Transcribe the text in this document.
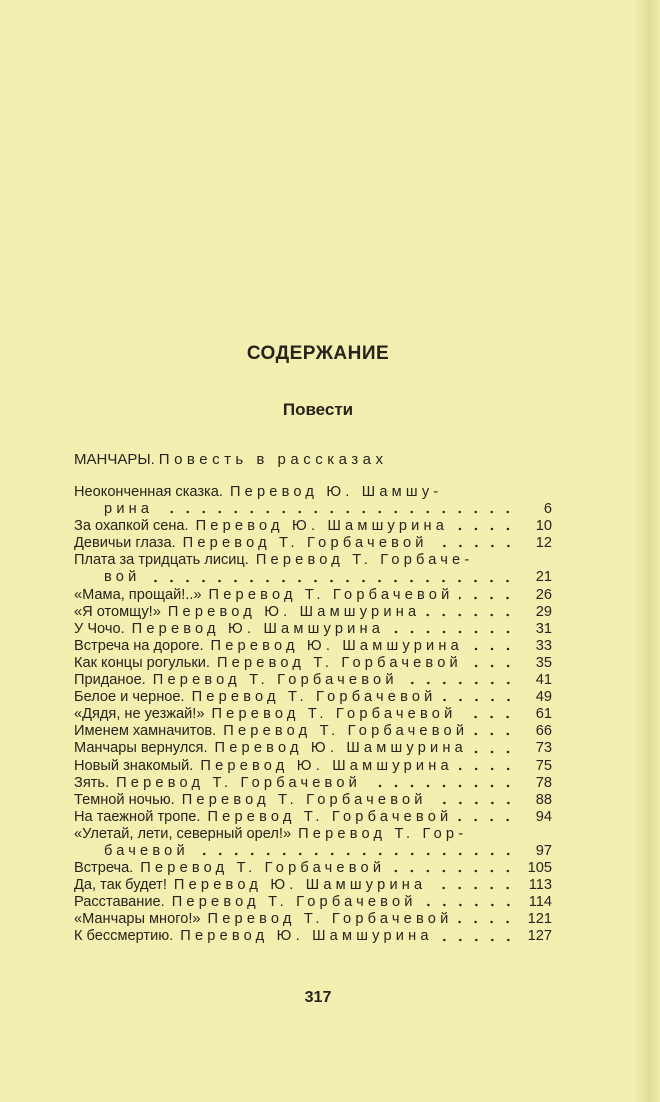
СОДЕРЖАНИЕ
Повести
МАНЧАРЫ. Повесть в рассказах
Неоконченная сказка. Перевод Ю. Шамшу-
рина	6
За охапкой сена. Перевод Ю. Шамшурина	10
Девичьи глаза. Перевод Т. Горбачевой	12
Плата за тридцать лисиц. Перевод Т. Горбаче-
вой	21
«Мама, прощай!..» Перевод Т. Горбачевой	26
«Я отомщу!» Перевод Ю. Шамшурина	29
У Чочо. Перевод Ю. Шамшурина	31
Встреча на дороге. Перевод Ю. Шамшурина	33
Как концы рогульки. Перевод Т. Горбачевой	35
Приданое. Перевод Т. Горбачевой	41
Белое и черное. Перевод Т. Горбачевой	49
«Дядя, не уезжай!» Перевод Т. Горбачевой	61
Именем хамначитов. Перевод Т. Горбачевой	66
Манчары вернулся. Перевод Ю. Шамшурина	73
Новый знакомый. Перевод Ю. Шамшурина	75
Зять. Перевод Т. Горбачевой	78
Темной ночью. Перевод Т. Горбачевой	88
На таежной тропе. Перевод Т. Горбачевой	94
«Улетай, лети, северный орел!» Перевод Т. Гор-
бачевой	97
Встреча. Перевод Т. Горбачевой	105
Да, так будет! Перевод Ю. Шамшурина	113
Расставание. Перевод Т. Горбачевой	114
«Манчары много!» Перевод Т. Горбачевой	121
К бессмертию. Перевод Ю. Шамшурина	127
317
